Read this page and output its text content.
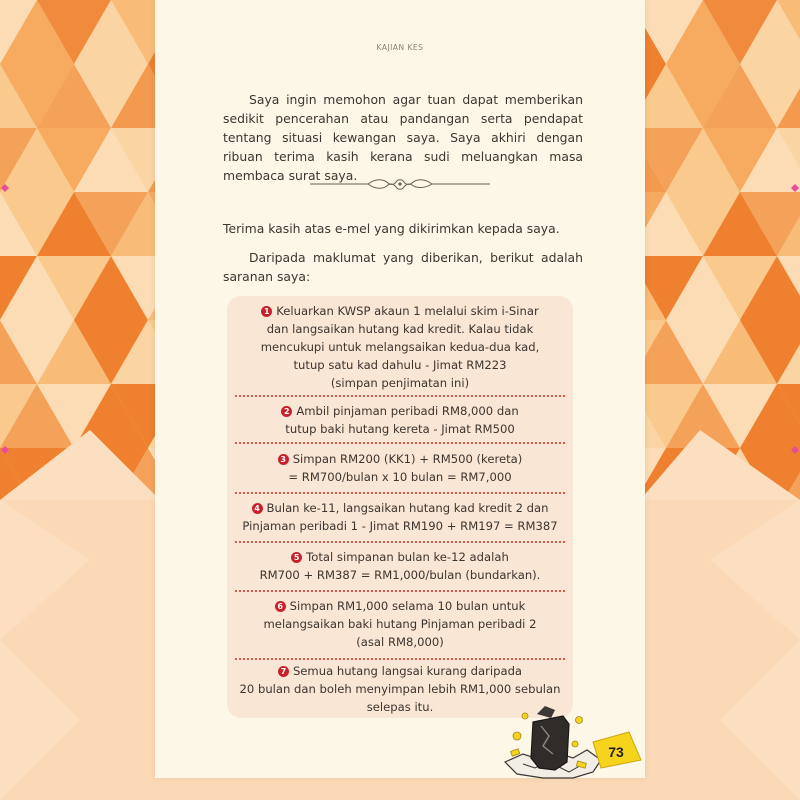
KAJIAN KES
Saya ingin memohon agar tuan dapat memberikan sedikit pencerahan atau pandangan serta pendapat tentang situasi kewangan saya. Saya akhiri dengan ribuan terima kasih kerana sudi meluangkan masa membaca surat saya.
Terima kasih atas e-mel yang dikirimkan kepada saya.
Daripada maklumat yang diberikan, berikut adalah saranan saya:
1 Keluarkan KWSP akaun 1 melalui skim i-Sinar
dan langsaikan hutang kad kredit. Kalau tidak
mencukupi untuk melangsaikan kedua-dua kad,
tutup satu kad dahulu - Jimat RM223
(simpan penjimatan ini)
2 Ambil pinjaman peribadi RM8,000 dan
tutup baki hutang kereta - Jimat RM500
3 Simpan RM200 (KK1) + RM500 (kereta)
= RM700/bulan x 10 bulan = RM7,000
4 Bulan ke-11, langsaikan hutang kad kredit 2 dan
Pinjaman peribadi 1 - Jimat RM190 + RM197 = RM387
5 Total simpanan bulan ke-12 adalah
RM700 + RM387 = RM1,000/bulan (bundarkan).
6 Simpan RM1,000 selama 10 bulan untuk
melangsaikan baki hutang Pinjaman peribadi 2
(asal RM8,000)
7 Semua hutang langsai kurang daripada
20 bulan dan boleh menyimpan lebih RM1,000 sebulan
selepas itu.
73
